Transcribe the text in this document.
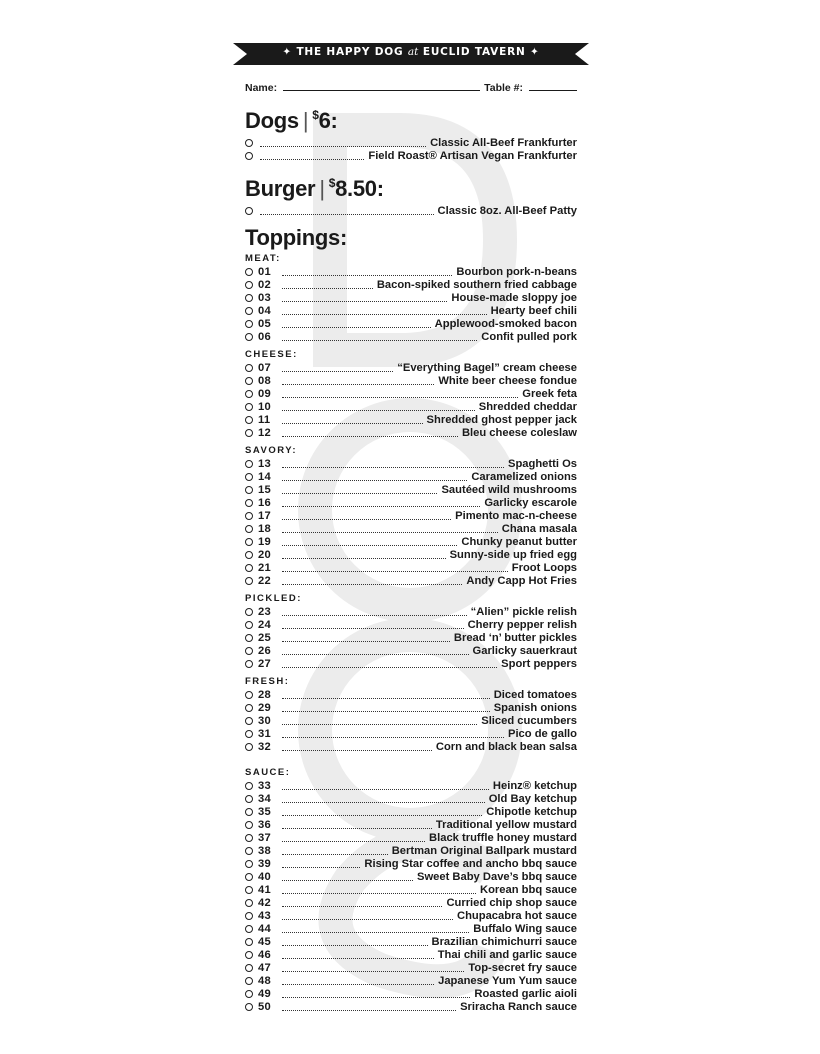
✦ THE HAPPY DOG at EUCLID TAVERN ✦
Name:	Table #:
Dogs | $6:
Classic All-Beef Frankfurter
Field Roast® Artisan Vegan Frankfurter
Burger | $8.50:
Classic 8oz. All-Beef Patty
Toppings:
MEAT:
01	Bourbon pork-n-beans
02	Bacon-spiked southern fried cabbage
03	House-made sloppy joe
04	Hearty beef chili
05	Applewood-smoked bacon
06	Confit pulled pork
CHEESE:
07	“Everything Bagel” cream cheese
08	White beer cheese fondue
09	Greek feta
10	Shredded cheddar
11	Shredded ghost pepper jack
12	Bleu cheese coleslaw
SAVORY:
13	Spaghetti Os
14	Caramelized onions
15	Sautéed wild mushrooms
16	Garlicky escarole
17	Pimento mac-n-cheese
18	Chana masala
19	Chunky peanut butter
20	Sunny-side up fried egg
21	Froot Loops
22	Andy Capp Hot Fries
PICKLED:
23	“Alien” pickle relish
24	Cherry pepper relish
25	Bread ‘n’ butter pickles
26	Garlicky sauerkraut
27	Sport peppers
FRESH:
28	Diced tomatoes
29	Spanish onions
30	Sliced cucumbers
31	Pico de gallo
32	Corn and black bean salsa
SAUCE:
33	Heinz® ketchup
34	Old Bay ketchup
35	Chipotle ketchup
36	Traditional yellow mustard
37	Black truffle honey mustard
38	Bertman Original Ballpark mustard
39	Rising Star coffee and ancho bbq sauce
40	Sweet Baby Dave’s bbq sauce
41	Korean bbq sauce
42	Curried chip shop sauce
43	Chupacabra hot sauce
44	Buffalo Wing sauce
45	Brazilian chimichurri sauce
46	Thai chili and garlic sauce
47	Top-secret fry sauce
48	Japanese Yum Yum sauce
49	Roasted garlic aioli
50	Sriracha Ranch sauce
